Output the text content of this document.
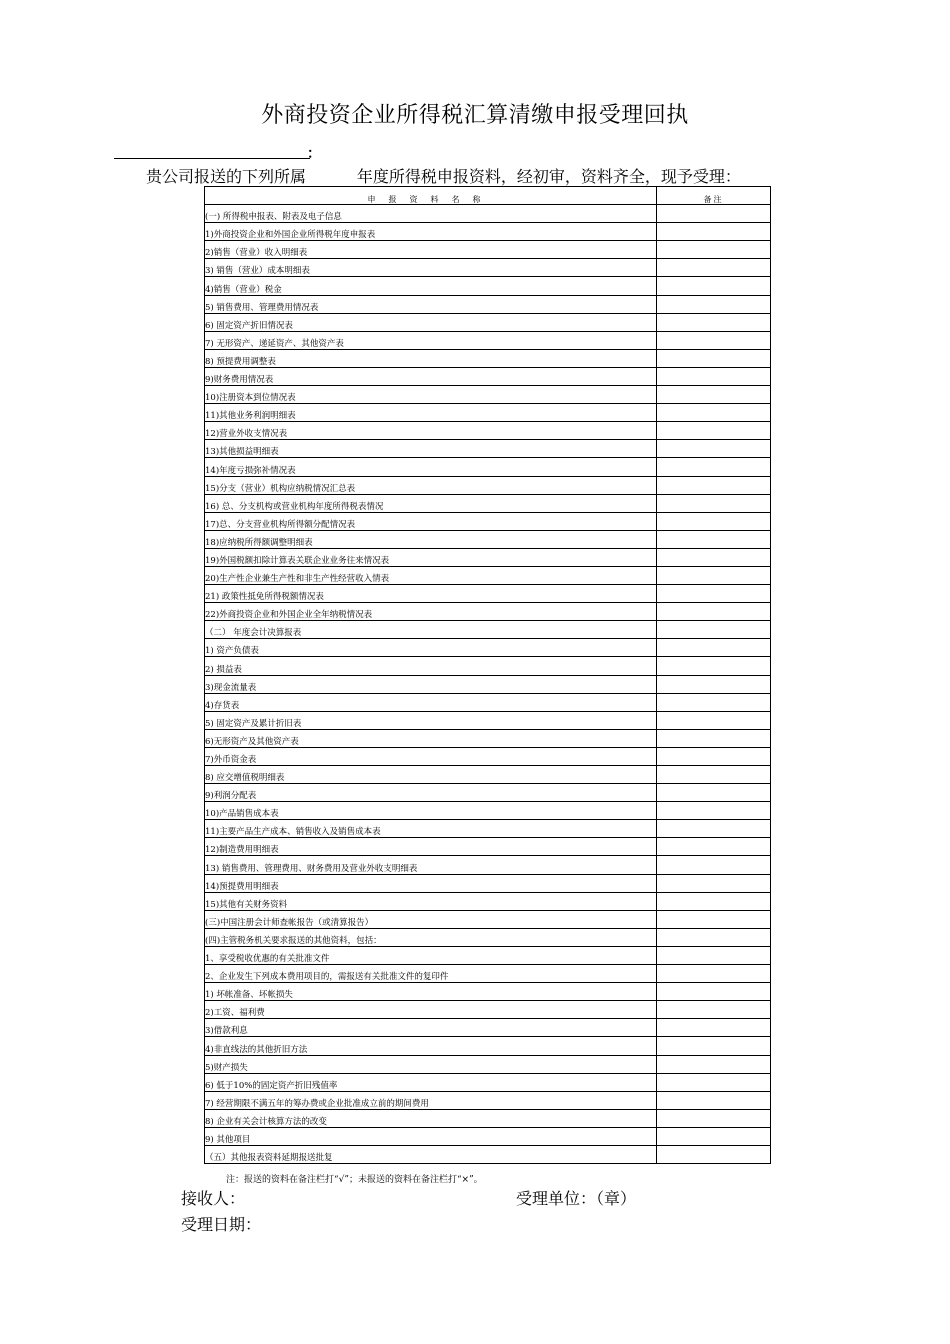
外商投资企业所得税汇算清缴申报受理回执
：
贵公司报送的下列所属	年度所得税申报资料，经初审，资料齐全，现予受理：
申报资料名称	备注
(一) 所得税申报表、附表及电子信息	
1)外商投资企业和外国企业所得税年度申报表	
2)销售（营业）收入明细表	
3) 销售（营业）成本明细表	
4)销售（营业）税金	
5) 销售费用、管理费用情况表	
6) 固定资产折旧情况表	
7) 无形资产、递延资产、其他资产表	
8) 预提费用调整表	
9)财务费用情况表	
10)注册资本到位情况表	
11)其他业务利润明细表	
12)营业外收支情况表	
13)其他损益明细表	
14)年度亏损弥补情况表	
15)分支（营业）机构应纳税情况汇总表	
16) 总、分支机构或营业机构年度所得税表情况	
17)总、分支营业机构所得额分配情况表	
18)应纳税所得额调整明细表	
19)外国税额扣除计算表关联企业业务往来情况表	
20)生产性企业兼生产性和非生产性经营收入情表	
21) 政策性抵免所得税额情况表	
22)外商投资企业和外国企业全年纳税情况表	
（二） 年度会计决算报表	
1) 资产负债表	
2) 损益表	
3)现金流量表	
4)存货表	
5) 固定资产及累计折旧表	
6)无形资产及其他资产表	
7)外币资金表	
8) 应交增值税明细表	
9)利润分配表	
10)产品销售成本表	
11)主要产品生产成本、销售收入及销售成本表	
12)制造费用明细表	
13) 销售费用、管理费用、财务费用及营业外收支明细表	
14)预提费用明细表	
15)其他有关财务资料	
(三)中国注册会计师查帐报告（或清算报告）	
(四)主管税务机关要求报送的其他资料，包括：	
1、享受税收优惠的有关批准文件	
2、企业发生下列成本费用项目的，需报送有关批准文件的复印件	
1) 坏帐准备、坏帐损失	
2)工资、福利费	
3)借款利息	
4)非直线法的其他折旧方法	
5)财产损失	
6) 低于10%的固定资产折旧残值率	
7) 经营期限不满五年的筹办费或企业批准成立前的期间费用	
8) 企业有关会计核算方法的改变	
9) 其他项目	
（五）其他报表资料延期报送批复	
注：报送的资料在备注栏打“√”；未报送的资料在备注栏打“×”。
接收人：	受理单位：（章）
受理日期：
